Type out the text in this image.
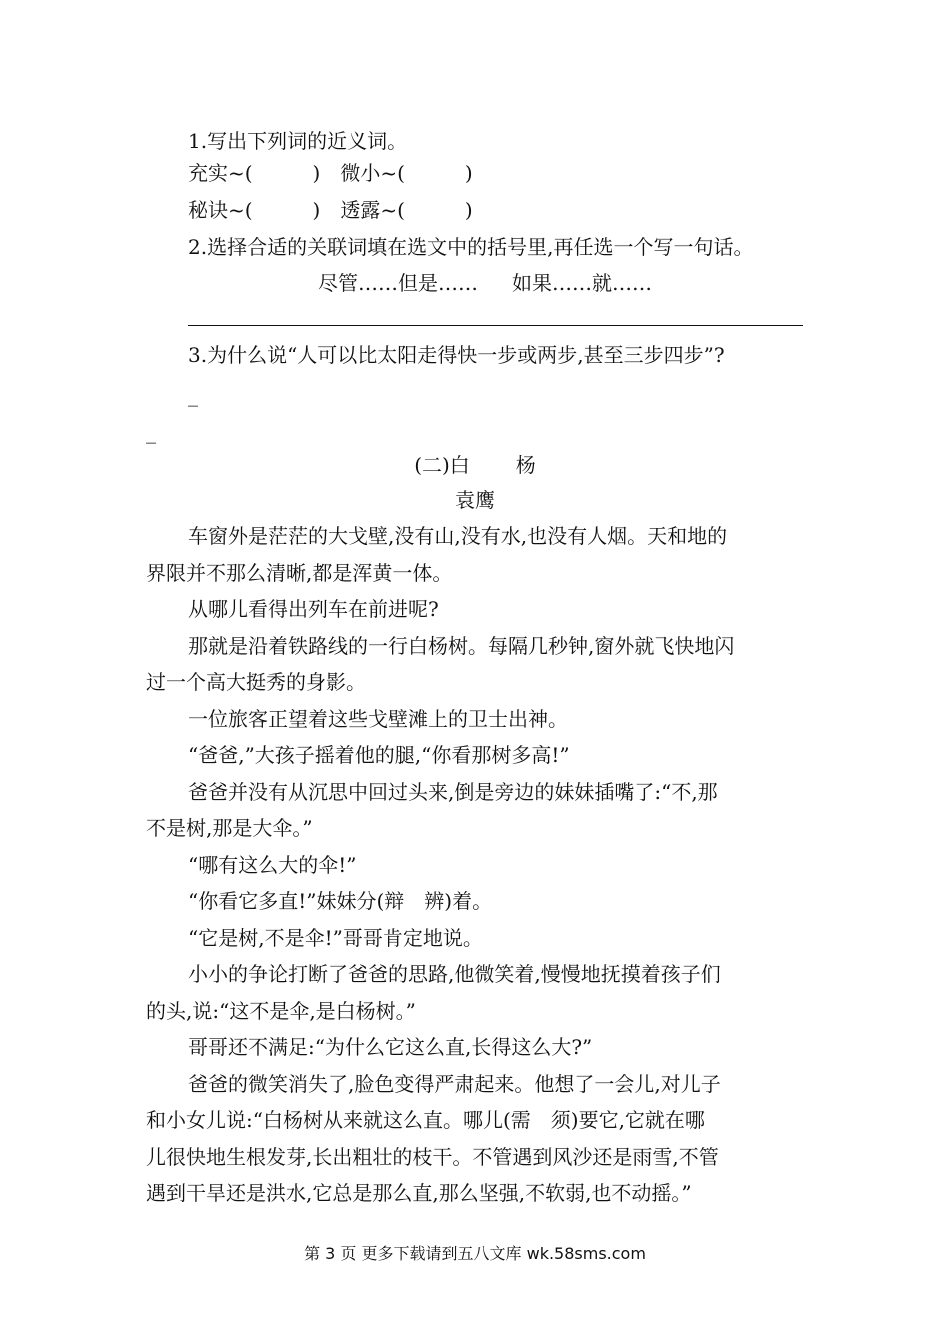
1.写出下列词的近义词。
充实~(　　　) 微小~(　　　)
秘诀~(　　　) 透露~(　　　)
2.选择合适的关联词填在选文中的括号里,再任选一个写一句话。
尽管……但是…… 如果……就……
3.为什么说“人可以比太阳走得快一步或两步,甚至三步四步”?
_
_
(二)白 杨
袁鹰
车窗外是茫茫的大戈壁,没有山,没有水,也没有人烟。天和地的
界限并不那么清晰,都是浑黄一体。
从哪儿看得出列车在前进呢?
那就是沿着铁路线的一行白杨树。每隔几秒钟,窗外就飞快地闪
过一个高大挺秀的身影。
一位旅客正望着这些戈壁滩上的卫士出神。
“爸爸,”大孩子摇着他的腿,“你看那树多高!”
爸爸并没有从沉思中回过头来,倒是旁边的妹妹插嘴了:“不,那
不是树,那是大伞。”
“哪有这么大的伞!”
“你看它多直!”妹妹分(辩　辨)着。
“它是树,不是伞!”哥哥肯定地说。
小小的争论打断了爸爸的思路,他微笑着,慢慢地抚摸着孩子们
的头,说:“这不是伞,是白杨树。”
哥哥还不满足:“为什么它这么直,长得这么大?”
爸爸的微笑消失了,脸色变得严肃起来。他想了一会儿,对儿子
和小女儿说:“白杨树从来就这么直。哪儿(需　须)要它,它就在哪
儿很快地生根发芽,长出粗壮的枝干。不管遇到风沙还是雨雪,不管
遇到干旱还是洪水,它总是那么直,那么坚强,不软弱,也不动摇。”
第 3 页 更多下载请到五八文库 wk.58sms.com
